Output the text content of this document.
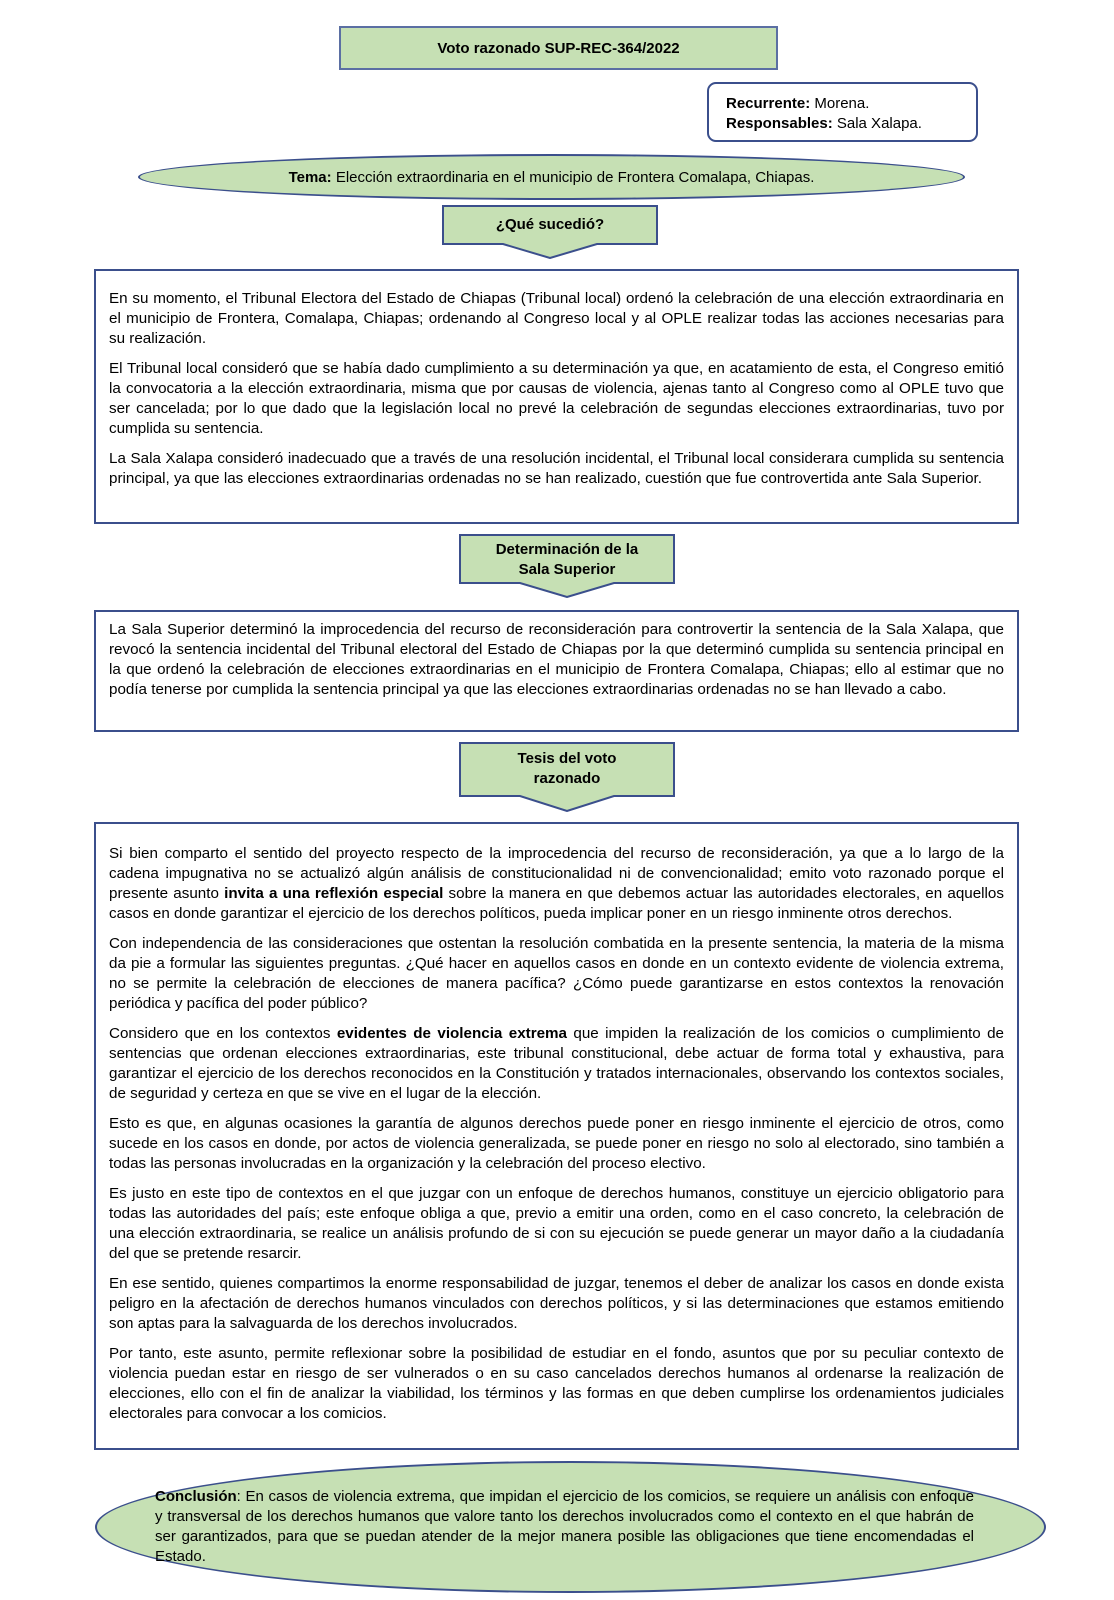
Voto razonado SUP-REC-364/2022
Recurrente: Morena.
Responsables: Sala Xalapa.
Tema: Elección extraordinaria en el municipio de Frontera Comalapa, Chiapas.
¿Qué sucedió?

En su momento, el Tribunal Electora del Estado de Chiapas (Tribunal local) ordenó la celebración de una elección extraordinaria en el municipio de Frontera, Comalapa, Chiapas; ordenando al Congreso local y al OPLE realizar todas las acciones necesarias para su realización.

El Tribunal local consideró que se había dado cumplimiento a su determinación ya que, en acatamiento de esta, el Congreso emitió la convocatoria a la elección extraordinaria, misma que por causas de violencia, ajenas tanto al Congreso como al OPLE tuvo que ser cancelada; por lo que dado que la legislación local no prevé la celebración de segundas elecciones extraordinarias, tuvo por cumplida su sentencia.

La Sala Xalapa consideró inadecuado que a través de una resolución incidental, el Tribunal local considerara cumplida su sentencia principal, ya que las elecciones extraordinarias ordenadas no se han realizado, cuestión que fue controvertida ante Sala Superior.

Determinación de la
Sala Superior

La Sala Superior determinó la improcedencia del recurso de reconsideración para controvertir la sentencia de la Sala Xalapa, que revocó la sentencia incidental del Tribunal electoral del Estado de Chiapas por la que determinó cumplida su sentencia principal en la que ordenó la celebración de elecciones extraordinarias en el municipio de Frontera Comalapa, Chiapas; ello al estimar que no podía tenerse por cumplida la sentencia principal ya que las elecciones extraordinarias ordenadas no se han llevado a cabo.

Tesis del voto
razonado

Si bien comparto el sentido del proyecto respecto de la improcedencia del recurso de reconsideración, ya que a lo largo de la cadena impugnativa no se actualizó algún análisis de constitucionalidad ni de convencionalidad; emito voto razonado porque el presente asunto invita a una reflexión especial sobre la manera en que debemos actuar las autoridades electorales, en aquellos casos en donde garantizar el ejercicio de los derechos políticos, pueda implicar poner en un riesgo inminente otros derechos.

Con independencia de las consideraciones que ostentan la resolución combatida en la presente sentencia, la materia de la misma da pie a formular las siguientes preguntas. ¿Qué hacer en aquellos casos en donde en un contexto evidente de violencia extrema, no se permite la celebración de elecciones de manera pacífica? ¿Cómo puede garantizarse en estos contextos la renovación periódica y pacífica del poder público?

Considero que en los contextos evidentes de violencia extrema que impiden la realización de los comicios o cumplimiento de sentencias que ordenan elecciones extraordinarias, este tribunal constitucional, debe actuar de forma total y exhaustiva, para garantizar el ejercicio de los derechos reconocidos en la Constitución y tratados internacionales, observando los contextos sociales, de seguridad y certeza en que se vive en el lugar de la elección.

Esto es que, en algunas ocasiones la garantía de algunos derechos puede poner en riesgo inminente el ejercicio de otros, como sucede en los casos en donde, por actos de violencia generalizada, se puede poner en riesgo no solo al electorado, sino también a todas las personas involucradas en la organización y la celebración del proceso electivo.

Es justo en este tipo de contextos en el que juzgar con un enfoque de derechos humanos, constituye un ejercicio obligatorio para todas las autoridades del país; este enfoque obliga a que, previo a emitir una orden, como en el caso concreto, la celebración de una elección extraordinaria, se realice un análisis profundo de si con su ejecución se puede generar un mayor daño a la ciudadanía del que se pretende resarcir.

En ese sentido, quienes compartimos la enorme responsabilidad de juzgar, tenemos el deber de analizar los casos en donde exista peligro en la afectación de derechos humanos vinculados con derechos políticos, y si las determinaciones que estamos emitiendo son aptas para la salvaguarda de los derechos involucrados.

Por tanto, este asunto, permite reflexionar sobre la posibilidad de estudiar en el fondo, asuntos que por su peculiar contexto de violencia puedan estar en riesgo de ser vulnerados o en su caso cancelados derechos humanos al ordenarse la realización de elecciones, ello con el fin de analizar la viabilidad, los términos y las formas en que deben cumplirse los ordenamientos judiciales electorales para convocar a los comicios.

Conclusión: En casos de violencia extrema, que impidan el ejercicio de los comicios, se requiere un análisis con enfoque y transversal de los derechos humanos que valore tanto los derechos involucrados como el contexto en el que habrán de ser garantizados, para que se puedan atender de la mejor manera posible las obligaciones que tiene encomendadas el Estado.
